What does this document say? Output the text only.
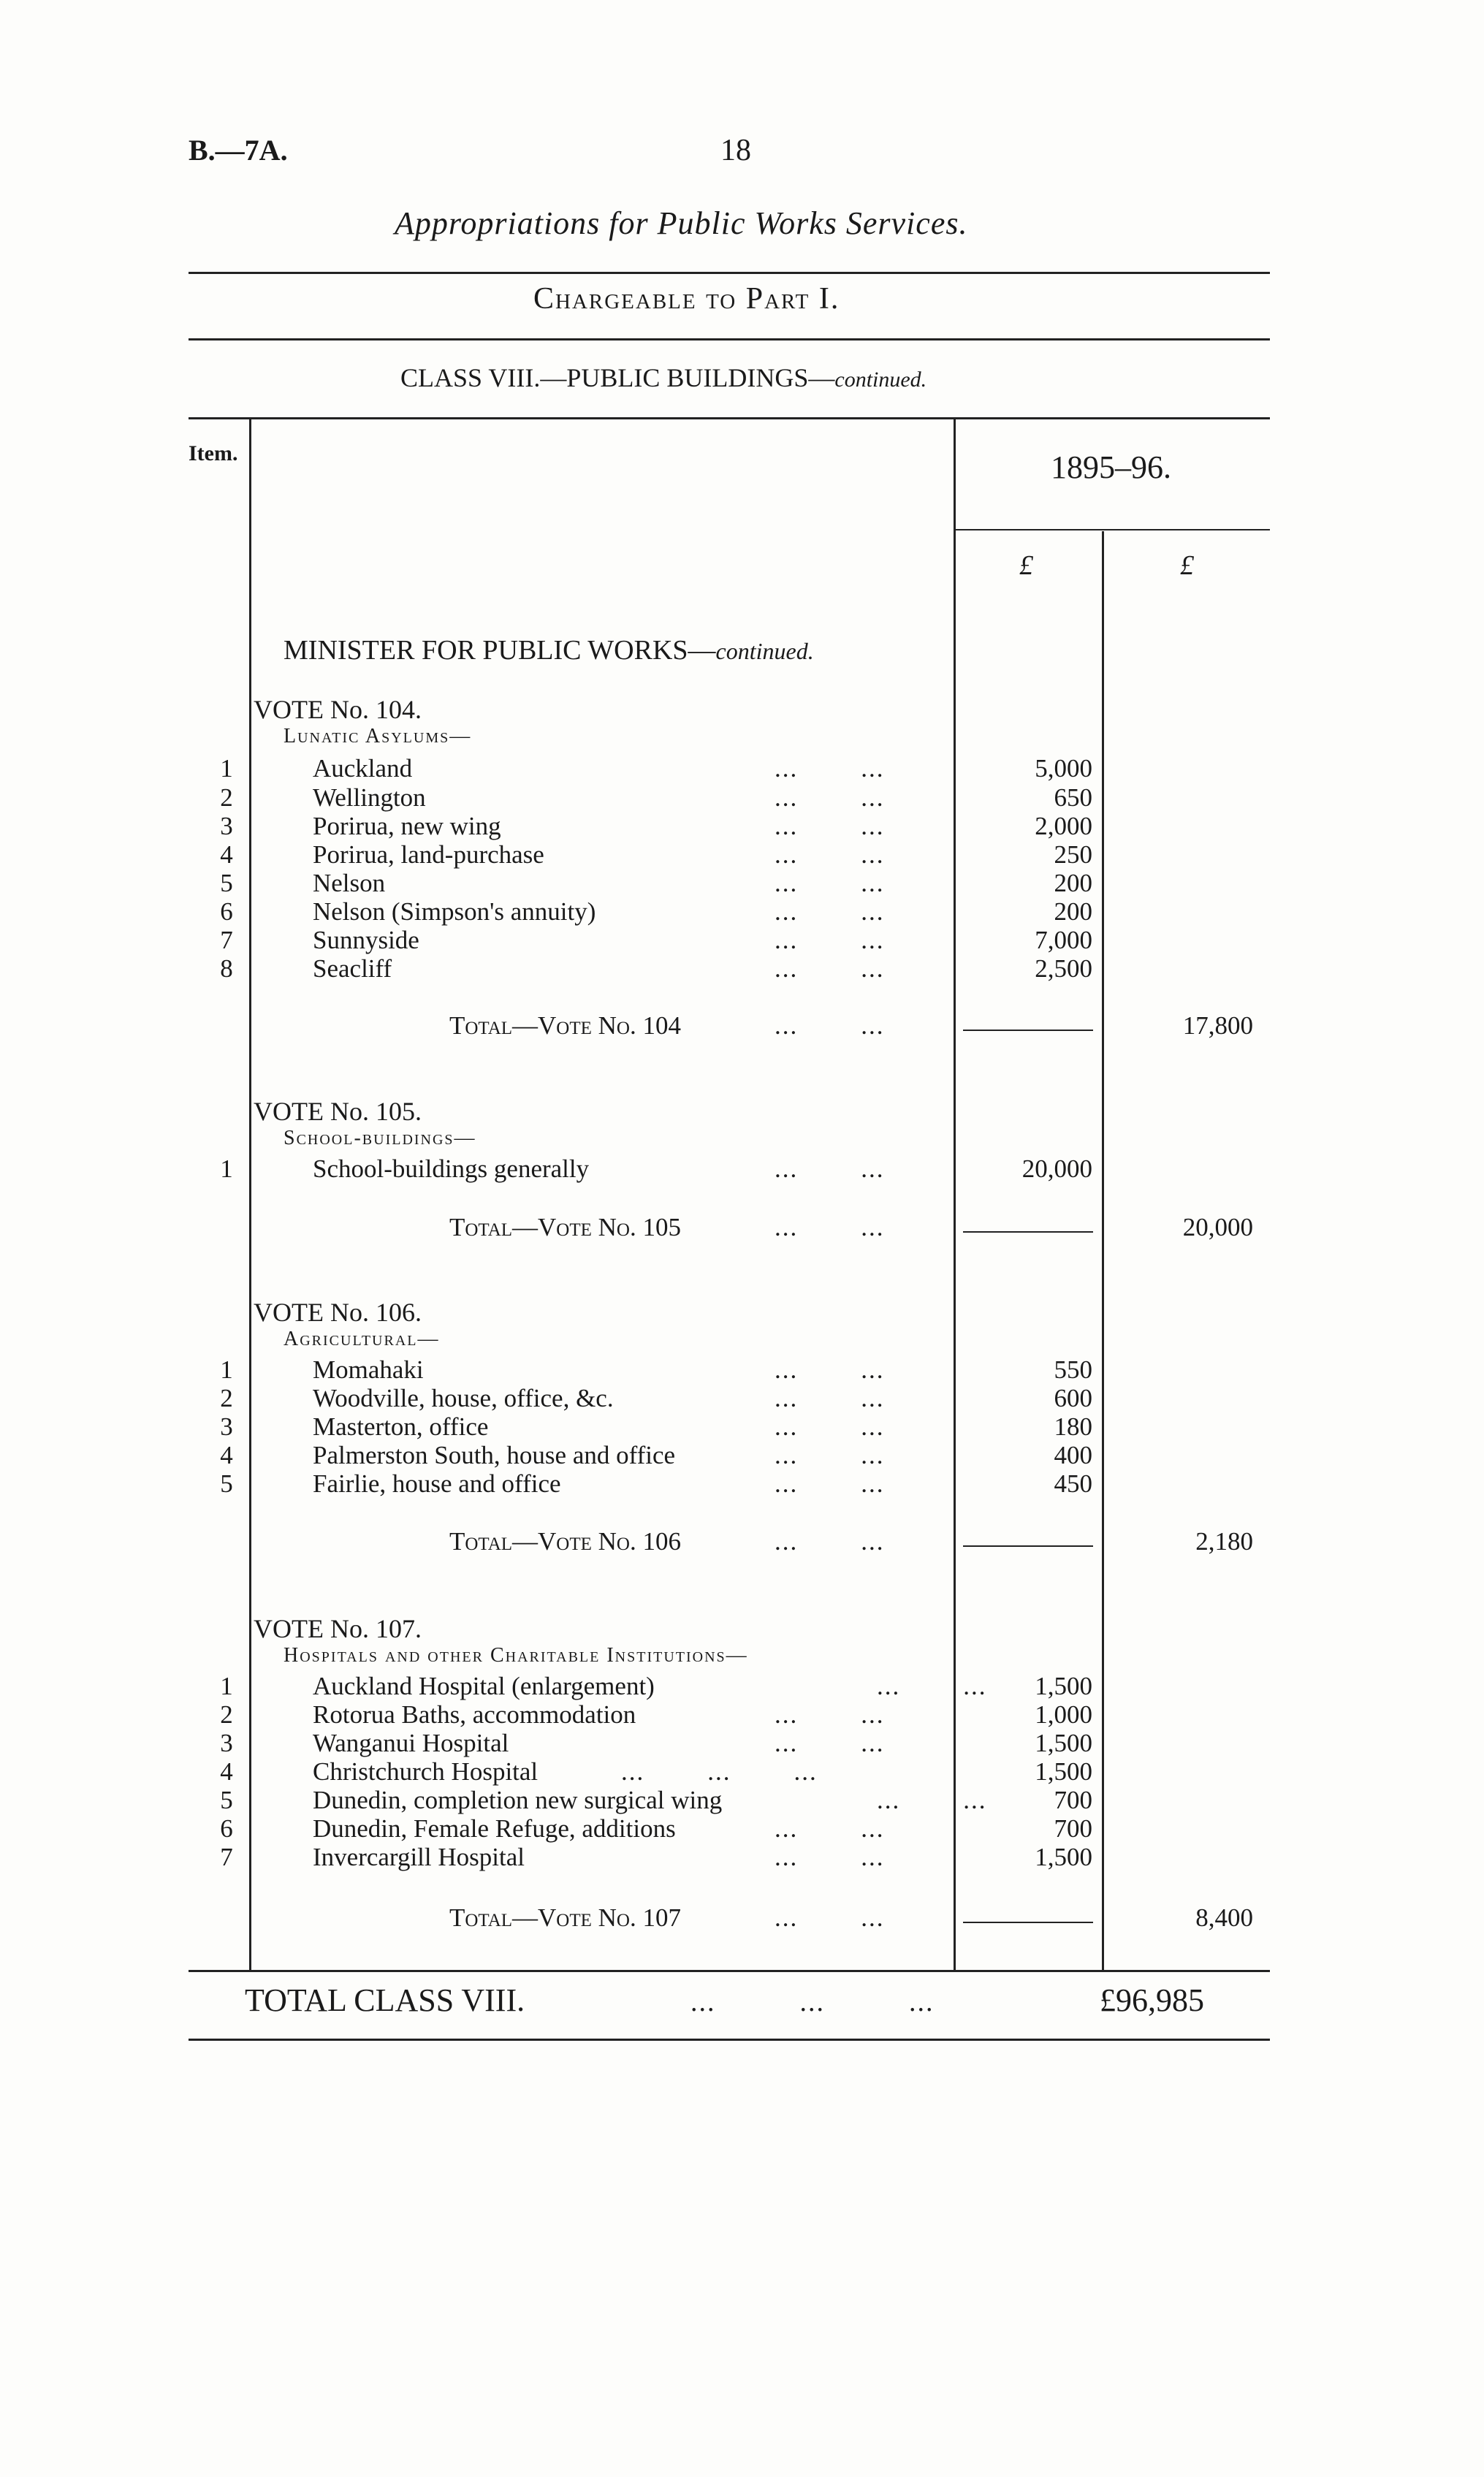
B.—7A.	18
Appropriations for Public Works Services.
Chargeable to Part I.
CLASS VIII.—PUBLIC BUILDINGS—continued.
Item.	1895–96.
£	£
MINISTER FOR PUBLIC WORKS—continued.
VOTE No. 104.
Lunatic Asylums—
1	Auckland	...        ...	5,000
2	Wellington	...        ...	650
3	Porirua, new wing	...        ...	2,000
4	Porirua, land-purchase	...        ...	250
5	Nelson	...        ...	200
6	Nelson (Simpson's annuity)	...        ...	200
7	Sunnyside	...        ...	7,000
8	Seacliff	...        ...	2,500
Total—Vote No. 104	...        ...	17,800
VOTE No. 105.
School-buildings—
1	School-buildings generally	...        ...	20,000
Total—Vote No. 105	...        ...	20,000
VOTE No. 106.
Agricultural—
1	Momahaki	...        ...	550
2	Woodville, house, office, &c.	...        ...	600
3	Masterton, office	...        ...	180
4	Palmerston South, house and office	...        ...	400
5	Fairlie, house and office	...        ...	450
Total—Vote No. 106	...        ...	2,180
VOTE No. 107.
Hospitals and other Charitable Institutions—
1	Auckland Hospital (enlargement)	...        ...	1,500
2	Rotorua Baths, accommodation	...        ...	1,000
3	Wanganui Hospital	...        ...	1,500
4	Christchurch Hospital	...        ...        ...	1,500
5	Dunedin, completion new surgical wing	...        ...	700
6	Dunedin, Female Refuge, additions	...        ...	700
7	Invercargill Hospital	...        ...	1,500
Total—Vote No. 107	...        ...	8,400
TOTAL CLASS VIII.	...          ...          ...	£96,985
